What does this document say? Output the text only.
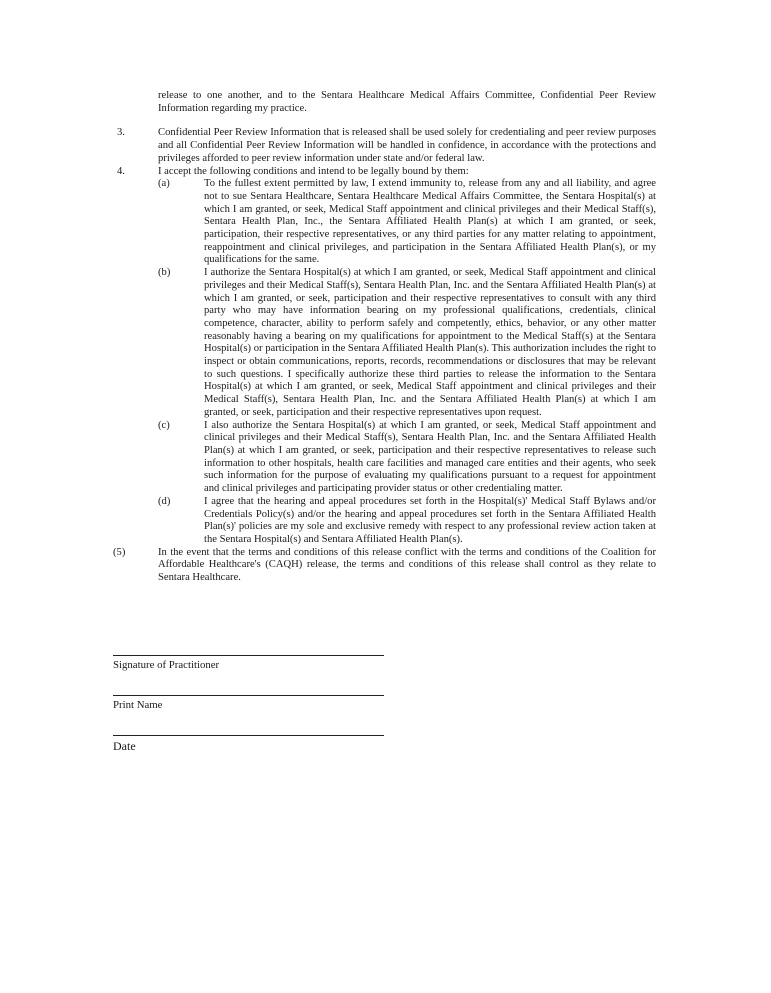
release to one another, and to the Sentara Healthcare Medical Affairs Committee, Confidential Peer Review Information regarding my practice.

3.	Confidential Peer Review Information that is released shall be used solely for credentialing and peer review purposes and all Confidential Peer Review Information will be handled in confidence, in accordance with the protections and privileges afforded to peer review information under state and/or federal law.

4.	I accept the following conditions and intend to be legally bound by them:

(a)	To the fullest extent permitted by law, I extend immunity to, release from any and all liability, and agree not to sue Sentara Healthcare, Sentara Healthcare Medical Affairs Committee, the Sentara Hospital(s) at which I am granted, or seek, Medical Staff appointment and clinical privileges and their Medical Staff(s), Sentara Health Plan, Inc., the Sentara Affiliated Health Plan(s) at which I am granted, or seek, participation, their respective representatives, or any third parties for any matter relating to appointment, reappointment and clinical privileges, and participation in the Sentara Affiliated Health Plan(s), or my qualifications for the same.

(b)	I authorize the Sentara Hospital(s) at which I am granted, or seek, Medical Staff appointment and clinical privileges and their Medical Staff(s), Sentara Health Plan, Inc. and the Sentara Affiliated Health Plan(s) at which I am granted, or seek, participation and their respective representatives to consult with any third party who may have information bearing on my professional qualifications, credentials, clinical competence, character, ability to perform safely and competently, ethics, behavior, or any other matter reasonably having a bearing on my qualifications for appointment to the Medical Staff(s) at the Sentara Hospital(s) or participation in the Sentara Affiliated Health Plan(s). This authorization includes the right to inspect or obtain communications, reports, records, recommendations or disclosures that may be relevant to such questions. I specifically authorize these third parties to release the information to the Sentara Hospital(s) at which I am granted, or seek, Medical Staff appointment and clinical privileges and their Medical Staff(s), Sentara Health Plan, Inc. and the Sentara Affiliated Health Plan(s) at which I am granted, or seek, participation and their respective representatives upon request.

(c)	I also authorize the Sentara Hospital(s) at which I am granted, or seek, Medical Staff appointment and clinical privileges and their Medical Staff(s), Sentara Health Plan, Inc. and the Sentara Affiliated Health Plan(s) at which I am granted, or seek, participation and their respective representatives to release such information to other hospitals, health care facilities and managed care entities and their agents, who seek such information for the purpose of evaluating my qualifications pursuant to a request for appointment and clinical privileges and participating provider status or other credentialing matter.

(d)	I agree that the hearing and appeal procedures set forth in the Hospital(s)' Medical Staff Bylaws and/or Credentials Policy(s) and/or the hearing and appeal procedures set forth in the Sentara Affiliated Health Plan(s)' policies are my sole and exclusive remedy with respect to any professional review action taken at the Sentara Hospital(s) and Sentara Affiliated Health Plan(s).

(5)	In the event that the terms and conditions of this release conflict with the terms and conditions of the Coalition for Affordable Healthcare's (CAQH) release, the terms and conditions of this release shall control as they relate to Sentara Healthcare.

Signature of Practitioner
Print Name
Date
